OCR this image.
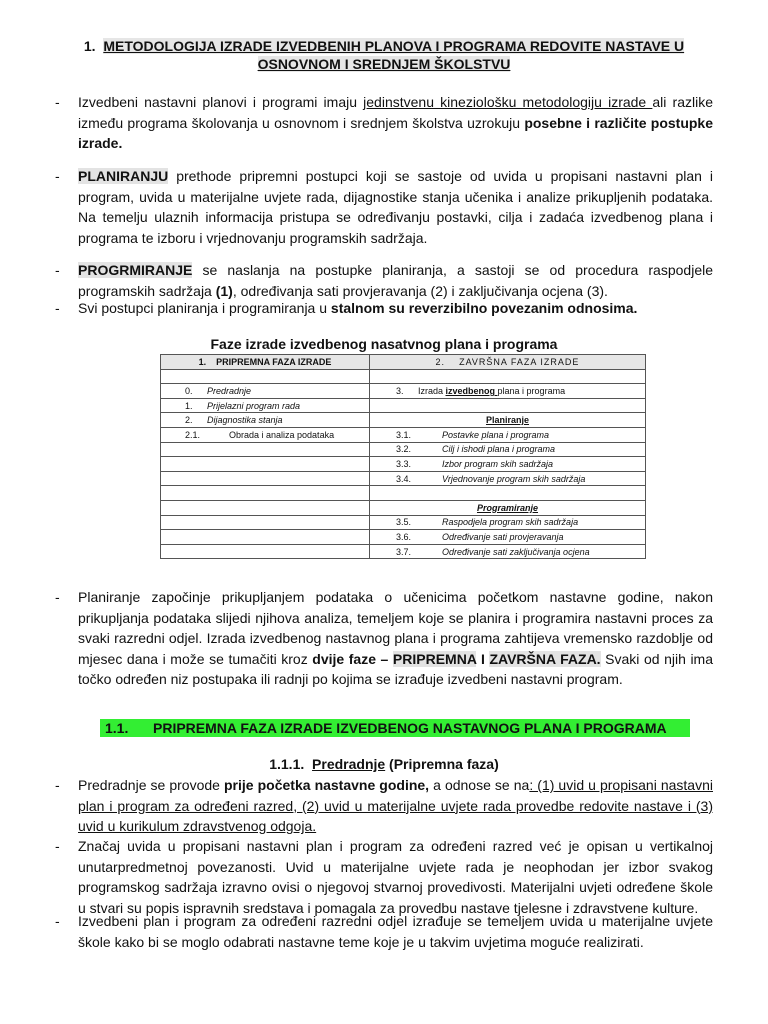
1. METODOLOGIJA IZRADE IZVEDBENIH PLANOVA I PROGRAMA REDOVITE NASTAVE U
OSNOVNOM I SREDNJEM ŠKOLSTVU
- Izvedbeni nastavni planovi i programi imaju jedinstvenu kineziološku metodologiju izrade ali razlike između programa školovanja u osnovnom i srednjem školstva uzrokuju posebne i različite postupke izrade.
- PLANIRANJU prethode pripremni postupci koji se sastoje od uvida u propisani nastavni plan i program, uvida u materijalne uvjete rada, dijagnostike stanja učenika i analize prikupljenih podataka. Na temelju ulaznih informacija pristupa se određivanju postavki, cilja i zadaća izvedbenog plana i programa te izboru i vrjednovanju programskih sadržaja.
- PROGRMIRANJE se naslanja na postupke planiranja, a sastoji se od procedura raspodjele programskih sadržaja (1), određivanja sati provjeravanja (2) i zaključivanja ocjena (3).
- Svi postupci planiranja i programiranja u stalnom su reverzibilno povezanim odnosima.
Faze izrade izvedbenog nasatvnog plana i programa
1. PRIPREMNA FAZA IZRADE	2. ZAVRŠNA FAZA IZRADE

0. Predradnje	3. Izrada izvedbenog plana i programa
1. Prijelazni program rada	
2. Dijagnostika stanja	Planiranje
2.1. Obrada i analiza podataka	3.1. Postavke plana i programa
	3.2. Cilj i ishodi plana i programa
	3.3. Izbor program skih sadržaja
	3.4. Vrjednovanje program skih sadržaja

	Programiranje
	3.5. Raspodjela program skih sadržaja
	3.6. Određivanje sati provjeravanja
	3.7. Određivanje sati zaključivanja ocjena
- Planiranje započinje prikupljanjem podataka o učenicima početkom nastavne godine, nakon prikupljanja podataka slijedi njihova analiza, temeljem koje se planira i programira nastavni proces za svaki razredni odjel. Izrada izvedbenog nastavnog plana i programa zahtijeva vremensko razdoblje od mjesec dana i može se tumačiti kroz dvije faze – PRIPREMNA I ZAVRŠNA FAZA. Svaki od njih ima točko određen niz postupaka ili radnji po kojima se izrađuje izvedbeni nastavni program.
1.1. PRIPREMNA FAZA IZRADE IZVEDBENOG NASTAVNOG PLANA I PROGRAMA
1.1.1. Predradnje (Pripremna faza)
- Predradnje se provode prije početka nastavne godine, a odnose se na: (1) uvid u propisani nastavni plan i program za određeni razred, (2) uvid u materijalne uvjete rada provedbe redovite nastave i (3) uvid u kurikulum zdravstvenog odgoja.
- Značaj uvida u propisani nastavni plan i program za određeni razred već je opisan u vertikalnoj unutarpredmetnoj povezanosti. Uvid u materijalne uvjete rada je neophodan jer izbor svakog programskog sadržaja izravno ovisi o njegovoj stvarnoj provedivosti. Materijalni uvjeti određene škole u stvari su popis ispravnih sredstava i pomagala za provedbu nastave tjelesne i zdravstvene kulture.
- Izvedbeni plan i program za određeni razredni odjel izrađuje se temeljem uvida u materijalne uvjete škole kako bi se moglo odabrati nastavne teme koje je u takvim uvjetima moguće realizirati.
